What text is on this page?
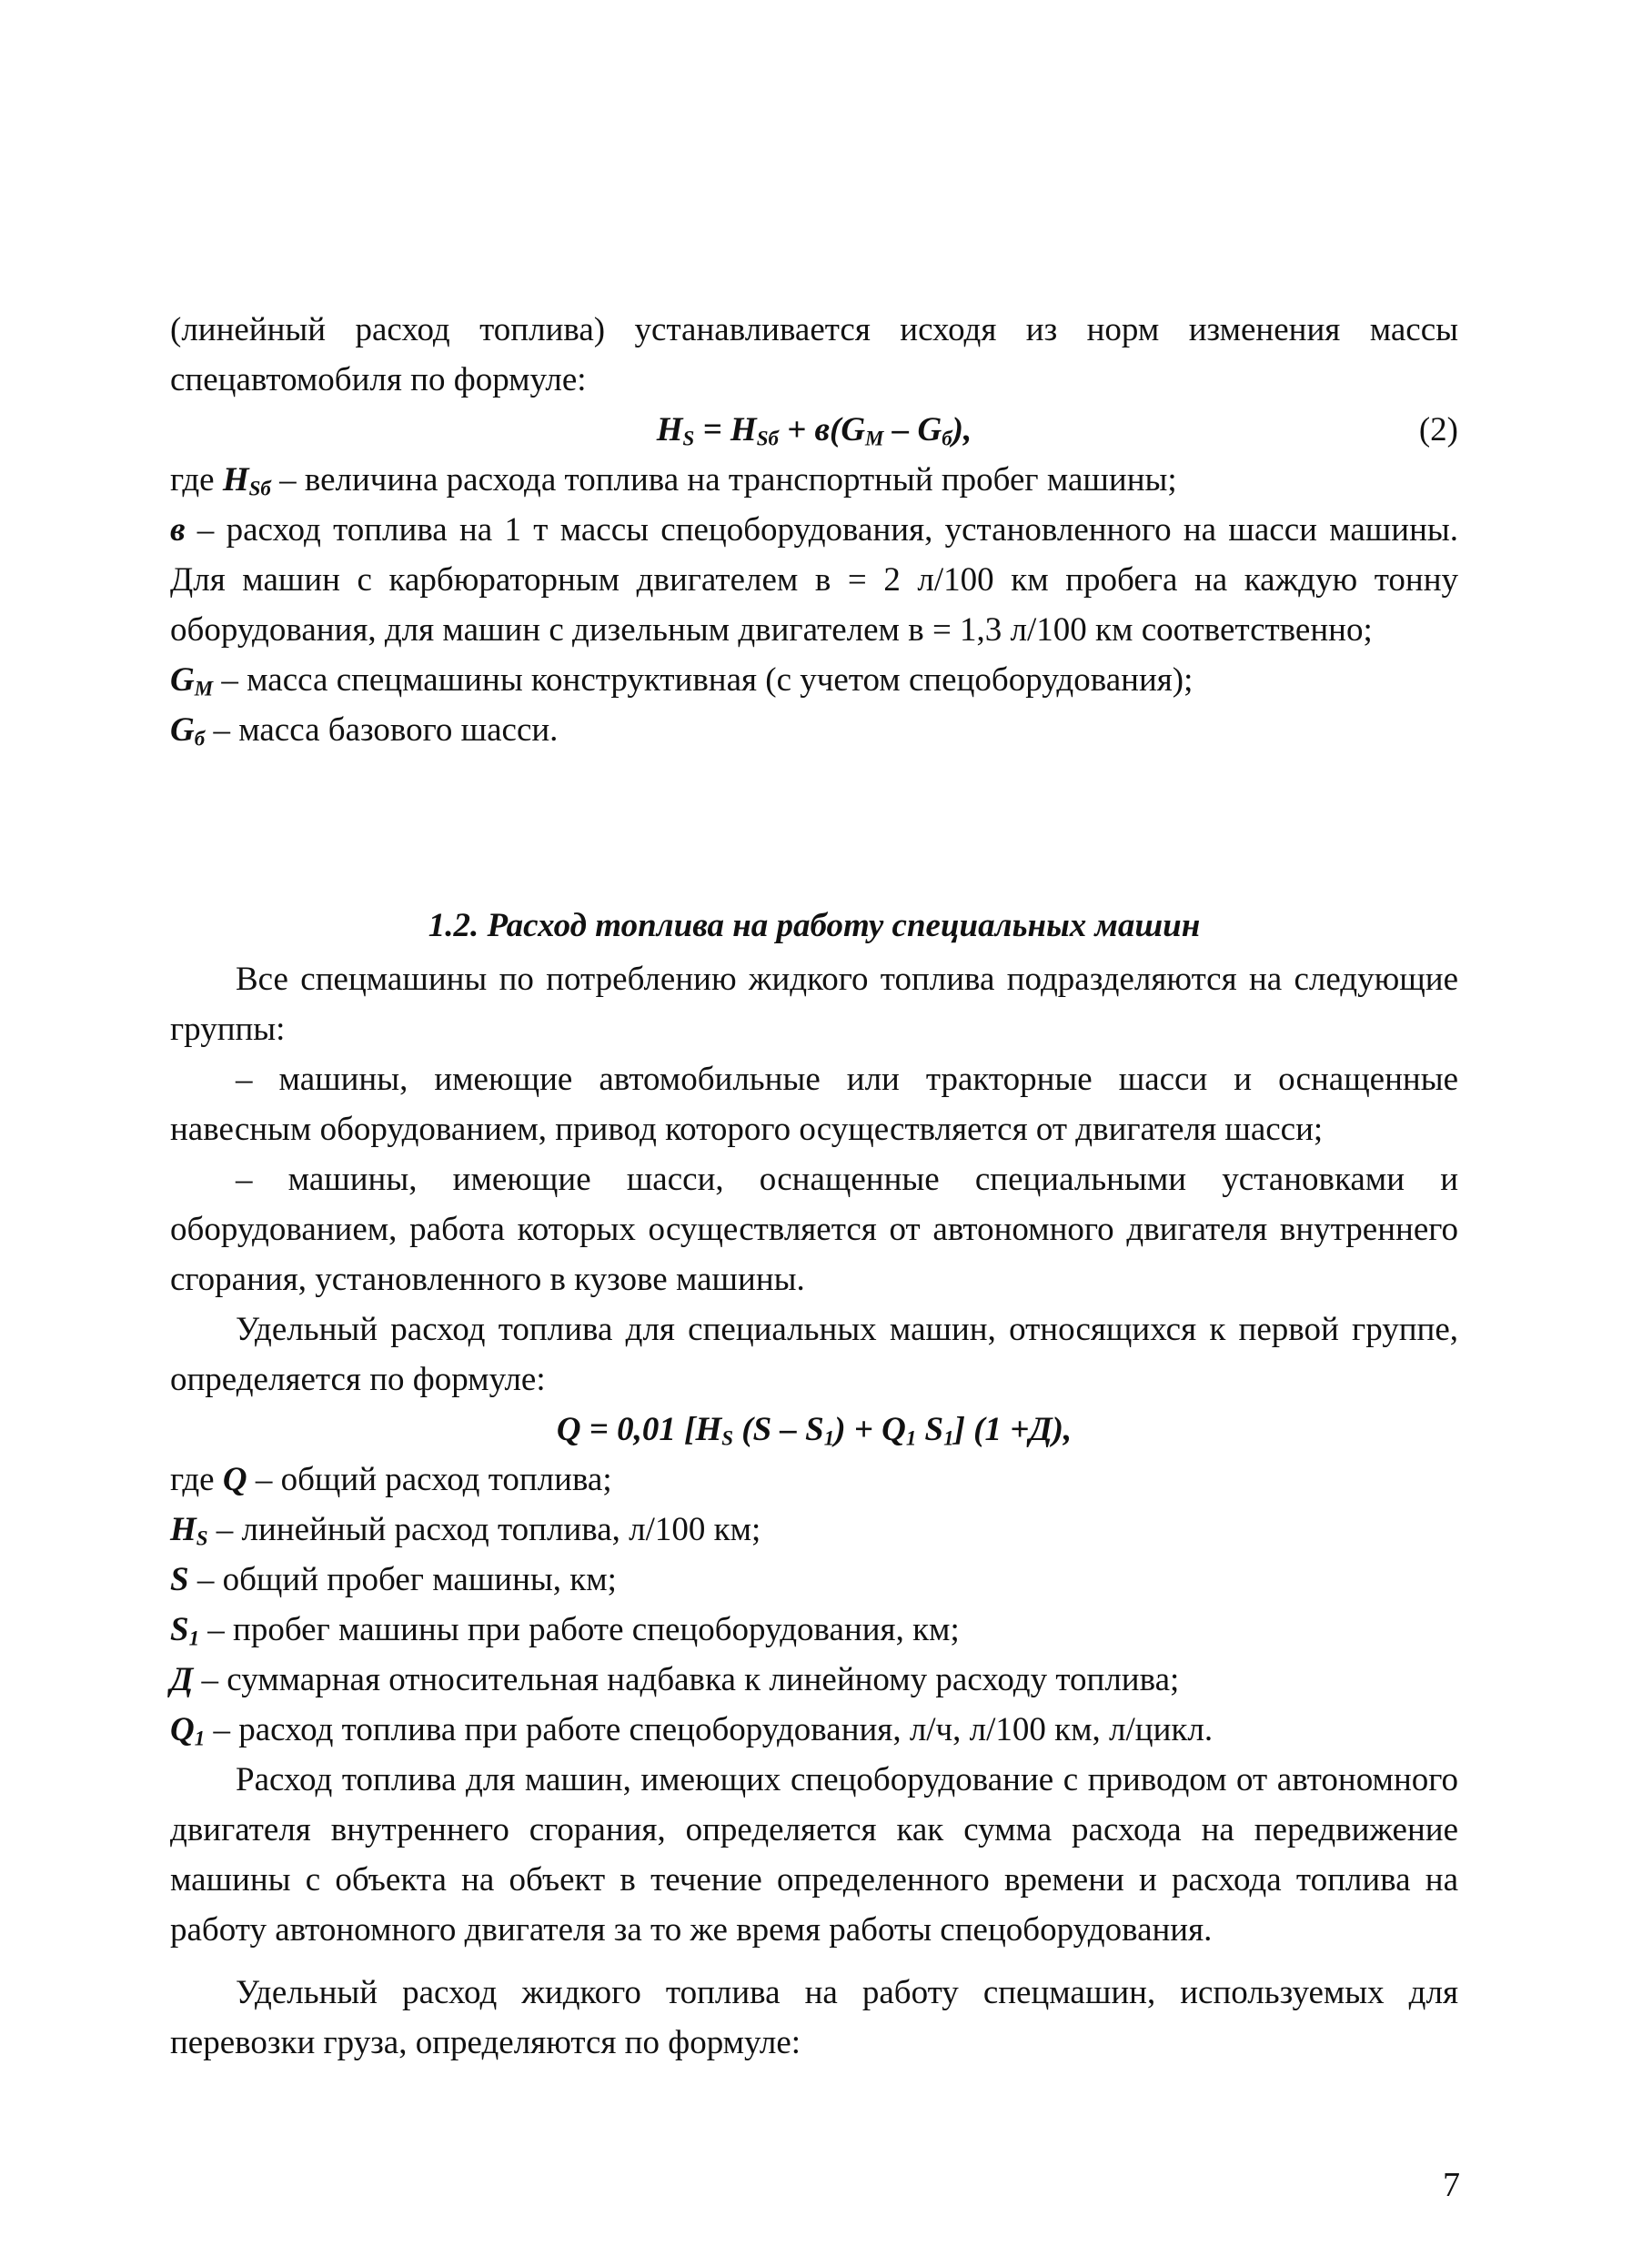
(линейный расход топлива) устанавливается исходя из норм изменения массы спецавтомобиля по формуле:

$H_S = H_{Sб} + в(G_M - G_б)$,	(2)

где $H_{Sб}$ – величина расхода топлива на транспортный пробег машины;

в – расход топлива на 1 т массы спецоборудования, установленного на шасси машины. Для машин с карбюраторным двигателем в = 2 л/100 км пробега на каждую тонну оборудования, для машин с дизельным двигателем в = 1,3 л/100 км соответственно;

$G_M$ – масса спецмашины конструктивная (с учетом спецоборудования);

$G_б$ – масса базового шасси.

1.2. Расход топлива на работу специальных машин

Все спецмашины по потреблению жидкого топлива подразделяются на следующие группы:

– машины, имеющие автомобильные или тракторные шасси и оснащенные навесным оборудованием, привод которого осуществляется от двигателя шасси;

– машины, имеющие шасси, оснащенные специальными установками и оборудованием, работа которых осуществляется от автономного двигателя внутреннего сгорания, установленного в кузове машины.

Удельный расход топлива для специальных машин, относящихся к первой группе, определяется по формуле:

Q = 0,01 [$H_S$ $(S - S_1) + Q_1$ $S_1$] (1 +Д),

где Q – общий расход топлива;

$H_S$ – линейный расход топлива, л/100 км;

S – общий пробег машины, км;

$S_1$ – пробег машины при работе спецоборудования, км;

Д – суммарная относительная надбавка к линейному расходу топлива;

$Q_1$ – расход топлива при работе спецоборудования, л/ч, л/100 км, л/цикл.

Расход топлива для машин, имеющих спецоборудование с приводом от автономного двигателя внутреннего сгорания, определяется как сумма расхода на передвижение машины с объекта на объект в течение определенного времени и расхода топлива на работу автономного двигателя за то же время работы спецоборудования.

Удельный расход жидкого топлива на работу спецмашин, используемых для перевозки груза, определяются по формуле:

7
